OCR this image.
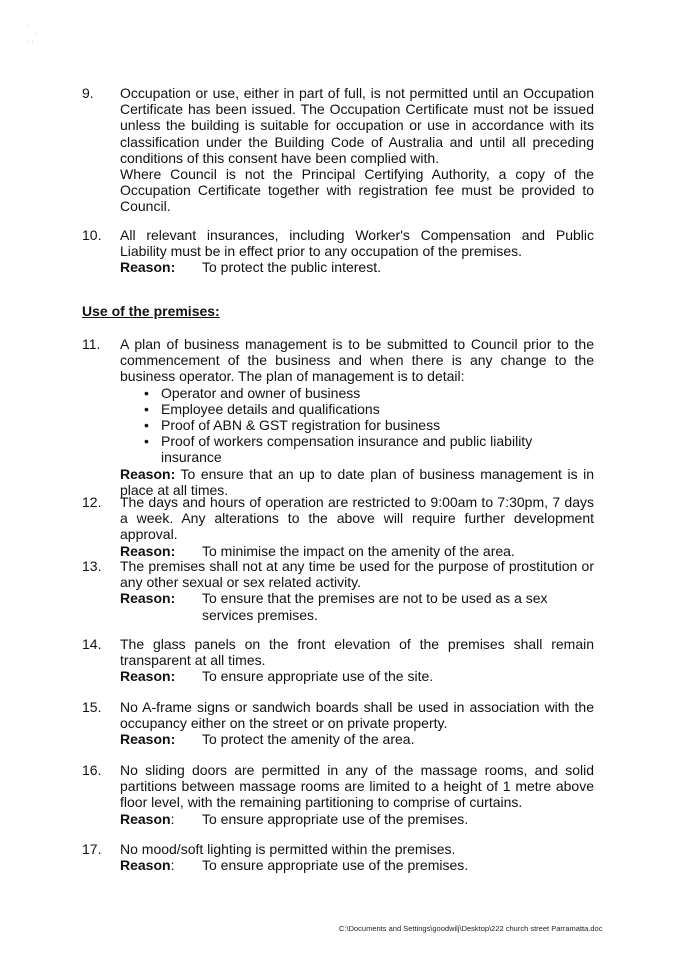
·
·
· ·
9.	Occupation or use, either in part of full, is not permitted until an Occupation Certificate has been issued. The Occupation Certificate must not be issued unless the building is suitable for occupation or use in accordance with its classification under the Building Code of Australia and until all preceding conditions of this consent have been complied with.

Where Council is not the Principal Certifying Authority, a copy of the Occupation Certificate together with registration fee must be provided to Council.

10.	All relevant insurances, including Worker's Compensation and Public Liability must be in effect prior to any occupation of the premises.

Reason: To protect the public interest.

Use of the premises:
11.	A plan of business management is to be submitted to Council prior to the commencement of the business and when there is any change to the business operator. The plan of management is to detail:

• Operator and owner of business
• Employee details and qualifications
• Proof of ABN & GST registration for business
• Proof of workers compensation insurance and public liability insurance

Reason: To ensure that an up to date plan of business management is in place at all times.

12.	The days and hours of operation are restricted to 9:00am to 7:30pm, 7 days a week. Any alterations to the above will require further development approval.

Reason: To minimise the impact on the amenity of the area.

13.	The premises shall not at any time be used for the purpose of prostitution or any other sexual or sex related activity.

Reason:	To ensure that the premises are not to be used as a sex services premises.
14.	The glass panels on the front elevation of the premises shall remain transparent at all times.

Reason: To ensure appropriate use of the site.

15.	No A-frame signs or sandwich boards shall be used in association with the occupancy either on the street or on private property.

Reason: To protect the amenity of the area.

16.	No sliding doors are permitted in any of the massage rooms, and solid partitions between massage rooms are limited to a height of 1 metre above floor level, with the remaining partitioning to comprise of curtains.

Reason: To ensure appropriate use of the premises.

17.	No mood/soft lighting is permitted within the premises.

Reason: To ensure appropriate use of the premises.

C:\Documents and Settings\goodwilj\Desktop\222 church street Parramatta.doc
